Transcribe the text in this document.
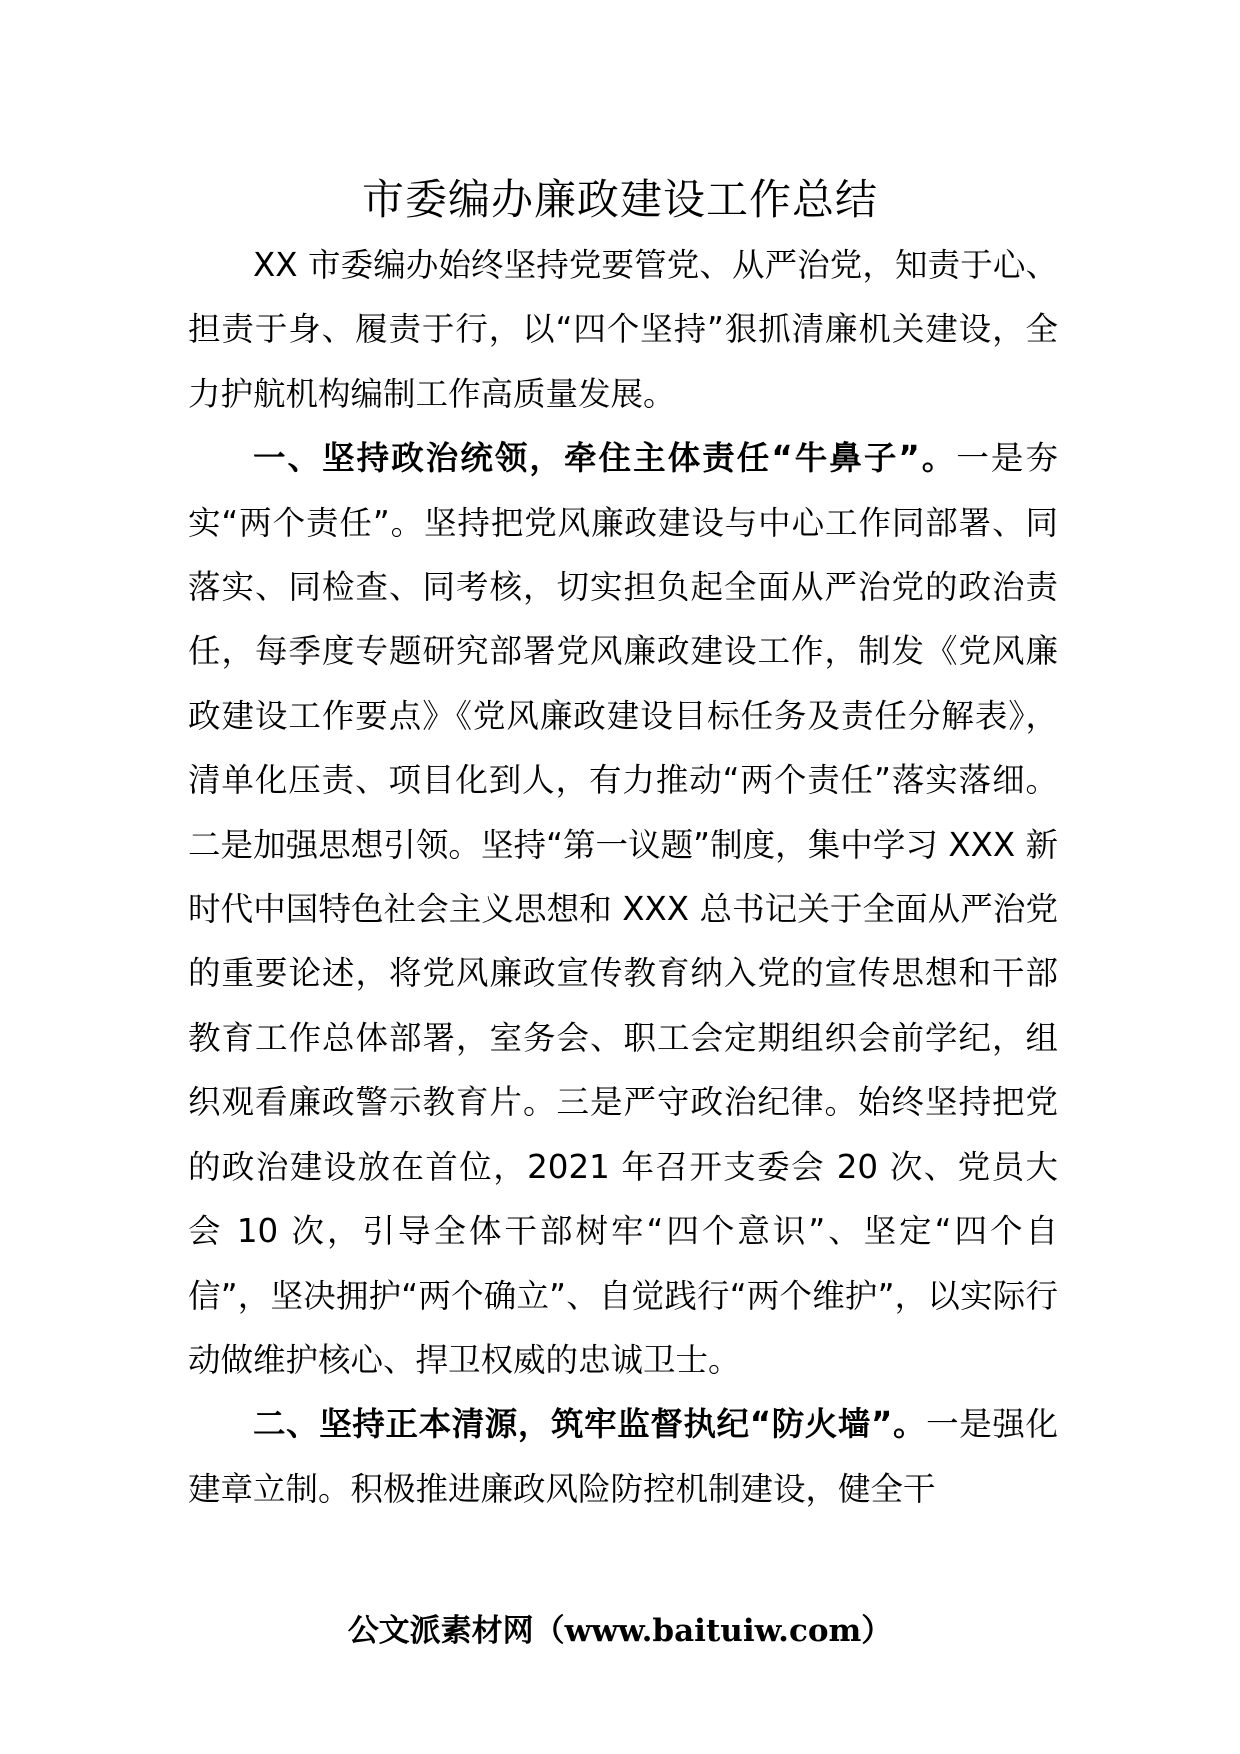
市委编办廉政建设工作总结

XX 市委编办始终坚持党要管党、从严治党，知责于心、担责于身、履责于行，以“四个坚持”狠抓清廉机关建设，全力护航机构编制工作高质量发展。

一、坚持政治统领，牵住主体责任“牛鼻子”。一是夯实“两个责任”。坚持把党风廉政建设与中心工作同部署、同落实、同检查、同考核，切实担负起全面从严治党的政治责任，每季度专题研究部署党风廉政建设工作，制发《党风廉政建设工作要点》《党风廉政建设目标任务及责任分解表》，清单化压责、项目化到人，有力推动“两个责任”落实落细。二是加强思想引领。坚持“第一议题”制度，集中学习 XXX 新时代中国特色社会主义思想和 XXX 总书记关于全面从严治党的重要论述，将党风廉政宣传教育纳入党的宣传思想和干部教育工作总体部署，室务会、职工会定期组织会前学纪，组织观看廉政警示教育片。三是严守政治纪律。始终坚持把党的政治建设放在首位，2021 年召开支委会 20 次、党员大会 10 次，引导全体干部树牢“四个意识”、坚定“四个自信”，坚决拥护“两个确立”、自觉践行“两个维护”，以实际行动做维护核心、捍卫权威的忠诚卫士。

二、坚持正本清源，筑牢监督执纪“防火墙”。一是强化建章立制。积极推进廉政风险防控机制建设，健全干

公文派素材网（www.baituiw.com）
